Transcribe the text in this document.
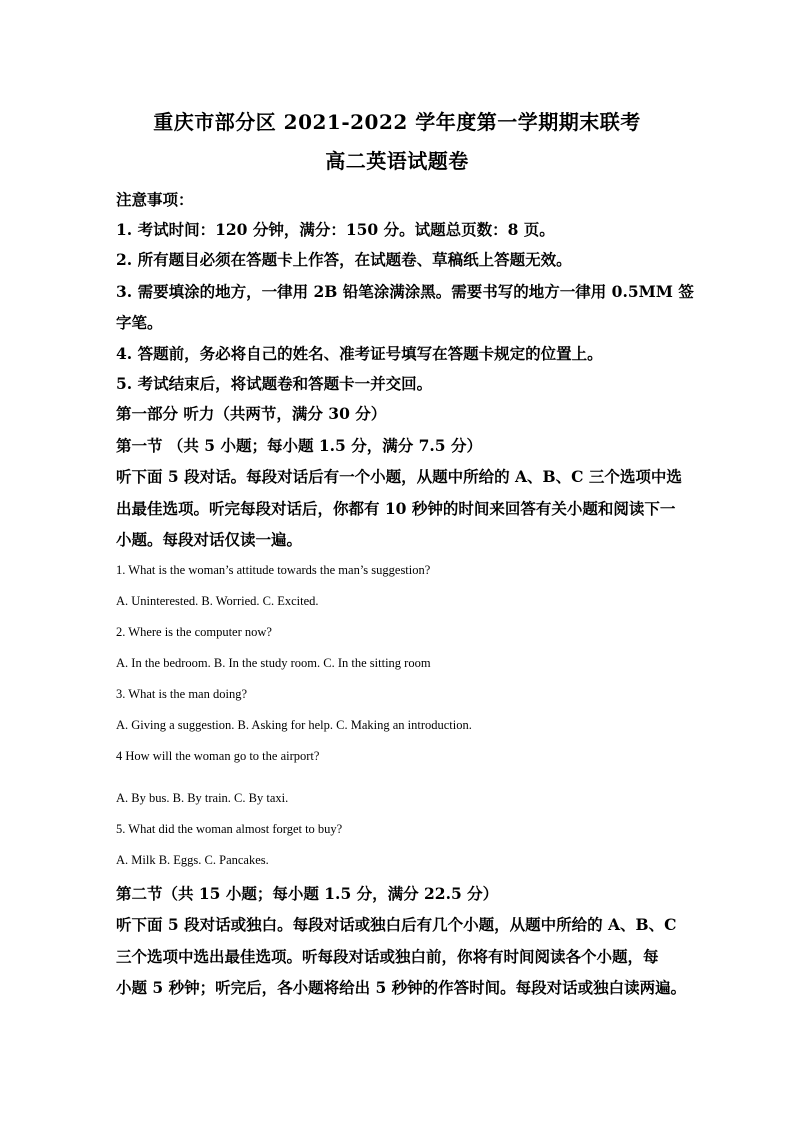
重庆市部分区 2021-2022 学年度第一学期期末联考
高二英语试题卷
注意事项：
1. 考试时间：120 分钟，满分：150 分。试题总页数：8 页。
2. 所有题目必须在答题卡上作答，在试题卷、草稿纸上答题无效。
3. 需要填涂的地方，一律用 2B 铅笔涂满涂黑。需要书写的地方一律用 0.5MM 签
字笔。
4. 答题前，务必将自己的姓名、准考证号填写在答题卡规定的位置上。
5. 考试结束后，将试题卷和答题卡一并交回。
第一部分 听力（共两节，满分 30 分）
第一节 （共 5 小题；每小题 1.5 分，满分 7.5 分）
听下面 5 段对话。每段对话后有一个小题，从题中所给的 A、B、C 三个选项中选
出最佳选项。听完每段对话后，你都有 10 秒钟的时间来回答有关小题和阅读下一
小题。每段对话仅读一遍。
1. What is the woman’s attitude towards the man’s suggestion?
A. Uninterested. B. Worried. C. Excited.
2. Where is the computer now?
A. In the bedroom. B. In the study room. C. In the sitting room
3. What is the man doing?
A. Giving a suggestion. B. Asking for help. C. Making an introduction.
4 How will the woman go to the airport?
A. By bus. B. By train. C. By taxi.
5. What did the woman almost forget to buy?
A. Milk B. Eggs. C. Pancakes.
第二节（共 15 小题；每小题 1.5 分，满分 22.5 分）
听下面 5 段对话或独白。每段对话或独白后有几个小题，从题中所给的 A、B、C
三个选项中选出最佳选项。听每段对话或独白前，你将有时间阅读各个小题，每
小题 5 秒钟；听完后，各小题将给出 5 秒钟的作答时间。每段对话或独白读两遍。
